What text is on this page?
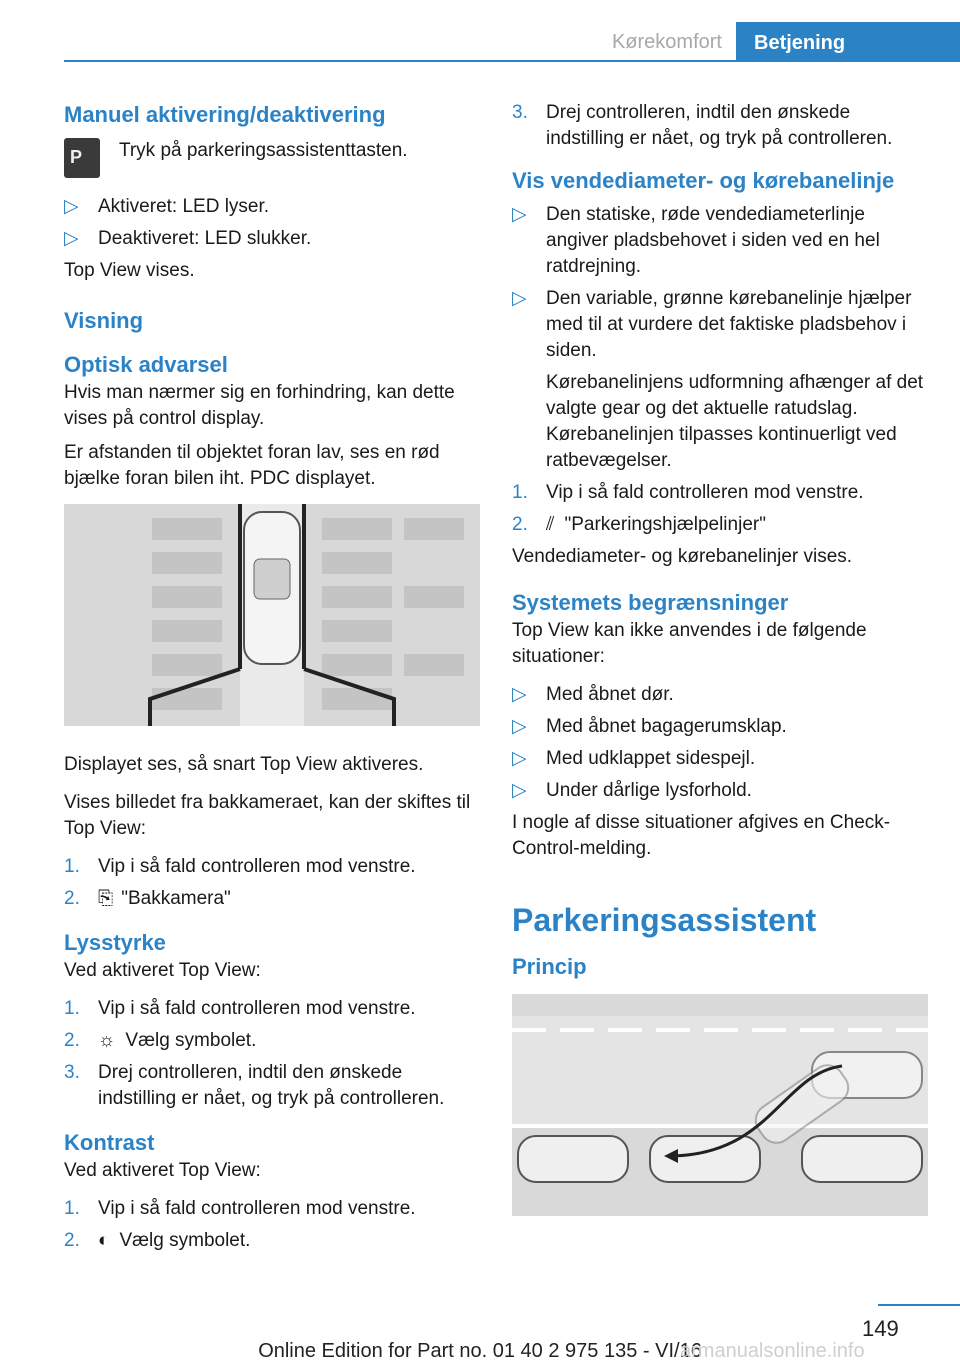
Kørekomfort	Betjening
Manuel aktivering/deaktivering
P Tryk på parkeringsassistenttasten.
▷ Aktiveret: LED lyser.
▷ Deaktiveret: LED slukker.

Top View vises.

Visning
Optisk advarsel

Hvis man nærmer sig en forhindring, kan dette vises på control display.

Er afstanden til objektet foran lav, ses en rød bjælke foran bilen iht. PDC displayet.

Displayet ses, så snart Top View aktiveres.

Vises billedet fra bakkameraet, kan der skiftes til Top View:

1. Vip i så fald controlleren mod venstre.
2. ⎘ "Bakkamera"
Lysstyrke

Ved aktiveret Top View:

1. Vip i så fald controlleren mod venstre.
2. ☼ Vælg symbolet.
3. Drej controlleren, indtil den ønskede indstilling er nået, og tryk på controlleren.
Kontrast

Ved aktiveret Top View:

1. Vip i så fald controlleren mod venstre.
2. ◐ Vælg symbolet.
3. Drej controlleren, indtil den ønskede indstilling er nået, og tryk på controlleren.
Vis vendediameter- og kørebanelinje
▷ Den statiske, røde vendediameterlinje angiver pladsbehovet i siden ved en hel ratdrejning.
▷ Den variable, grønne kørebanelinje hjælper med til at vurdere det faktiske pladsbehov i siden.
Kørebanelinjens udformning afhænger af det valgte gear og det aktuelle ratudslag. Kørebanelinjen tilpasses kontinuerligt ved ratbevægelser.
1. Vip i så fald controlleren mod venstre.
2. ⫽ "Parkeringshjælpelinjer"

Vendediameter- og kørebanelinjer vises.

Systemets begrænsninger

Top View kan ikke anvendes i de følgende situationer:

▷ Med åbnet dør.
▷ Med åbnet bagagerumsklap.
▷ Med udklappet sidespejl.
▷ Under dårlige lysforhold.

I nogle af disse situationer afgives en Check-Control-melding.

Parkeringsassistent
Princip
149
Online Edition for Part no. 01 40 2 975 135 - VI/16
armanualsonline.info
